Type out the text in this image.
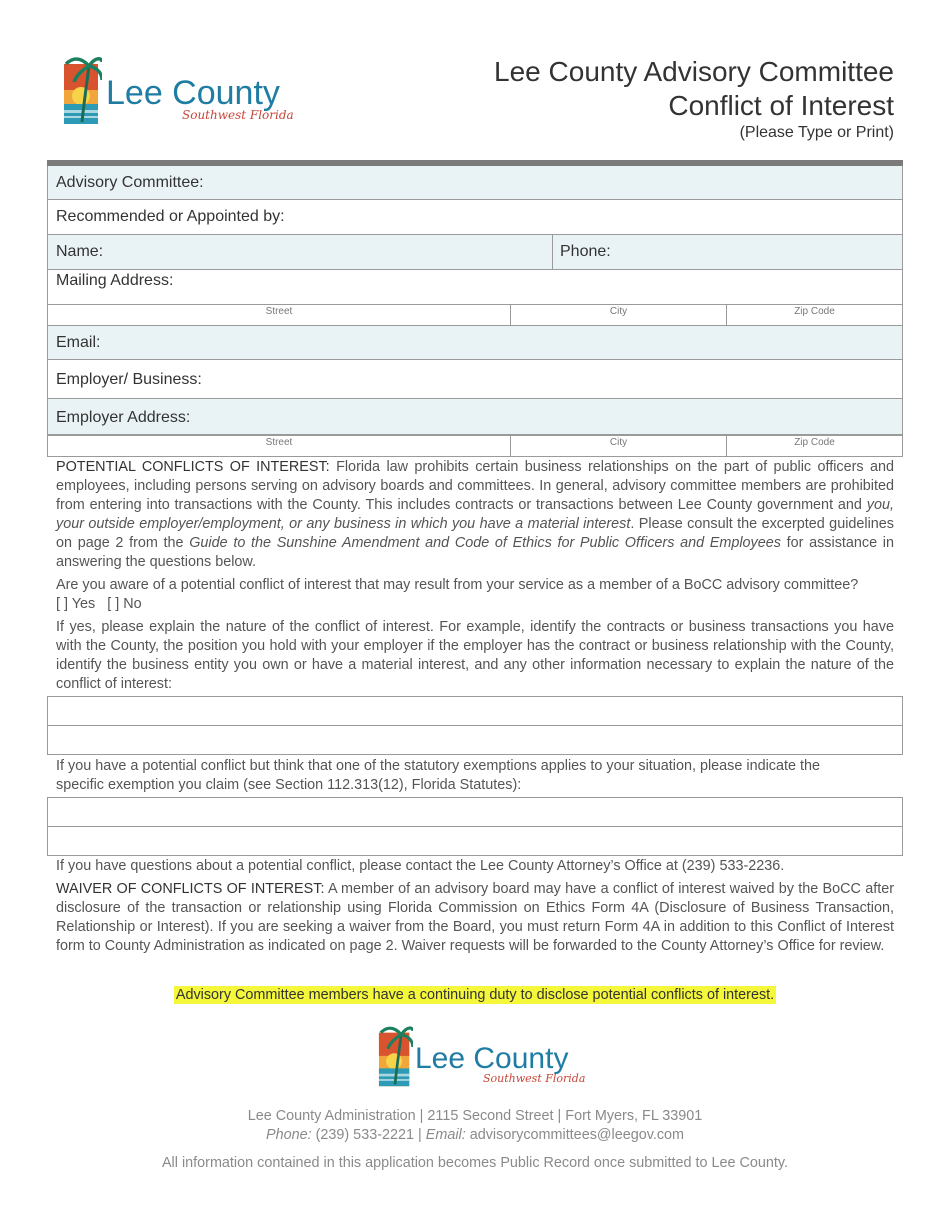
Lee County
Southwest Florida
Lee County Advisory Committee
Conflict of Interest
(Please Type or Print)
Advisory Committee:
Recommended or Appointed by:
Name:	Phone:
Mailing Address:
Street	City	Zip Code
Email:
Employer/ Business:
Employer Address:
Street	City	Zip Code
POTENTIAL CONFLICTS OF INTEREST: Florida law prohibits certain business relationships on the part of public officers and employees, including persons serving on advisory boards and committees. In general, advisory committee members are prohibited from entering into transactions with the County. This includes contracts or transactions between Lee County government and you, your outside employer/employment, or any business in which you have a material interest. Please consult the excerpted guidelines on page 2 from the Guide to the Sunshine Amendment and Code of Ethics for Public Officers and Employees for assistance in answering the questions below.
Are you aware of a potential conflict of interest that may result from your service as a member of a BoCC advisory committee?
[ ] Yes   [ ] No
If yes, please explain the nature of the conflict of interest. For example, identify the contracts or business transactions you have with the County, the position you hold with your employer if the employer has the contract or business relationship with the County, identify the business entity you own or have a material interest, and any other information necessary to explain the nature of the conflict of interest:
If you have a potential conflict but think that one of the statutory exemptions applies to your situation, please indicate the specific exemption you claim (see Section 112.313(12), Florida Statutes):
If you have questions about a potential conflict, please contact the Lee County Attorney’s Office at (239) 533-2236.
WAIVER OF CONFLICTS OF INTEREST: A member of an advisory board may have a conflict of interest waived by the BoCC after disclosure of the transaction or relationship using Florida Commission on Ethics Form 4A (Disclosure of Business Transaction, Relationship or Interest). If you are seeking a waiver from the Board, you must return Form 4A in addition to this Conflict of Interest form to County Administration as indicated on page 2. Waiver requests will be forwarded to the County Attorney’s Office for review.
Advisory Committee members have a continuing duty to disclose potential conflicts of interest.
Lee County
Southwest Florida
Lee County Administration | 2115 Second Street | Fort Myers, FL 33901
Phone: (239) 533-2221 | Email: advisorycommittees@leegov.com
All information contained in this application becomes Public Record once submitted to Lee County.
